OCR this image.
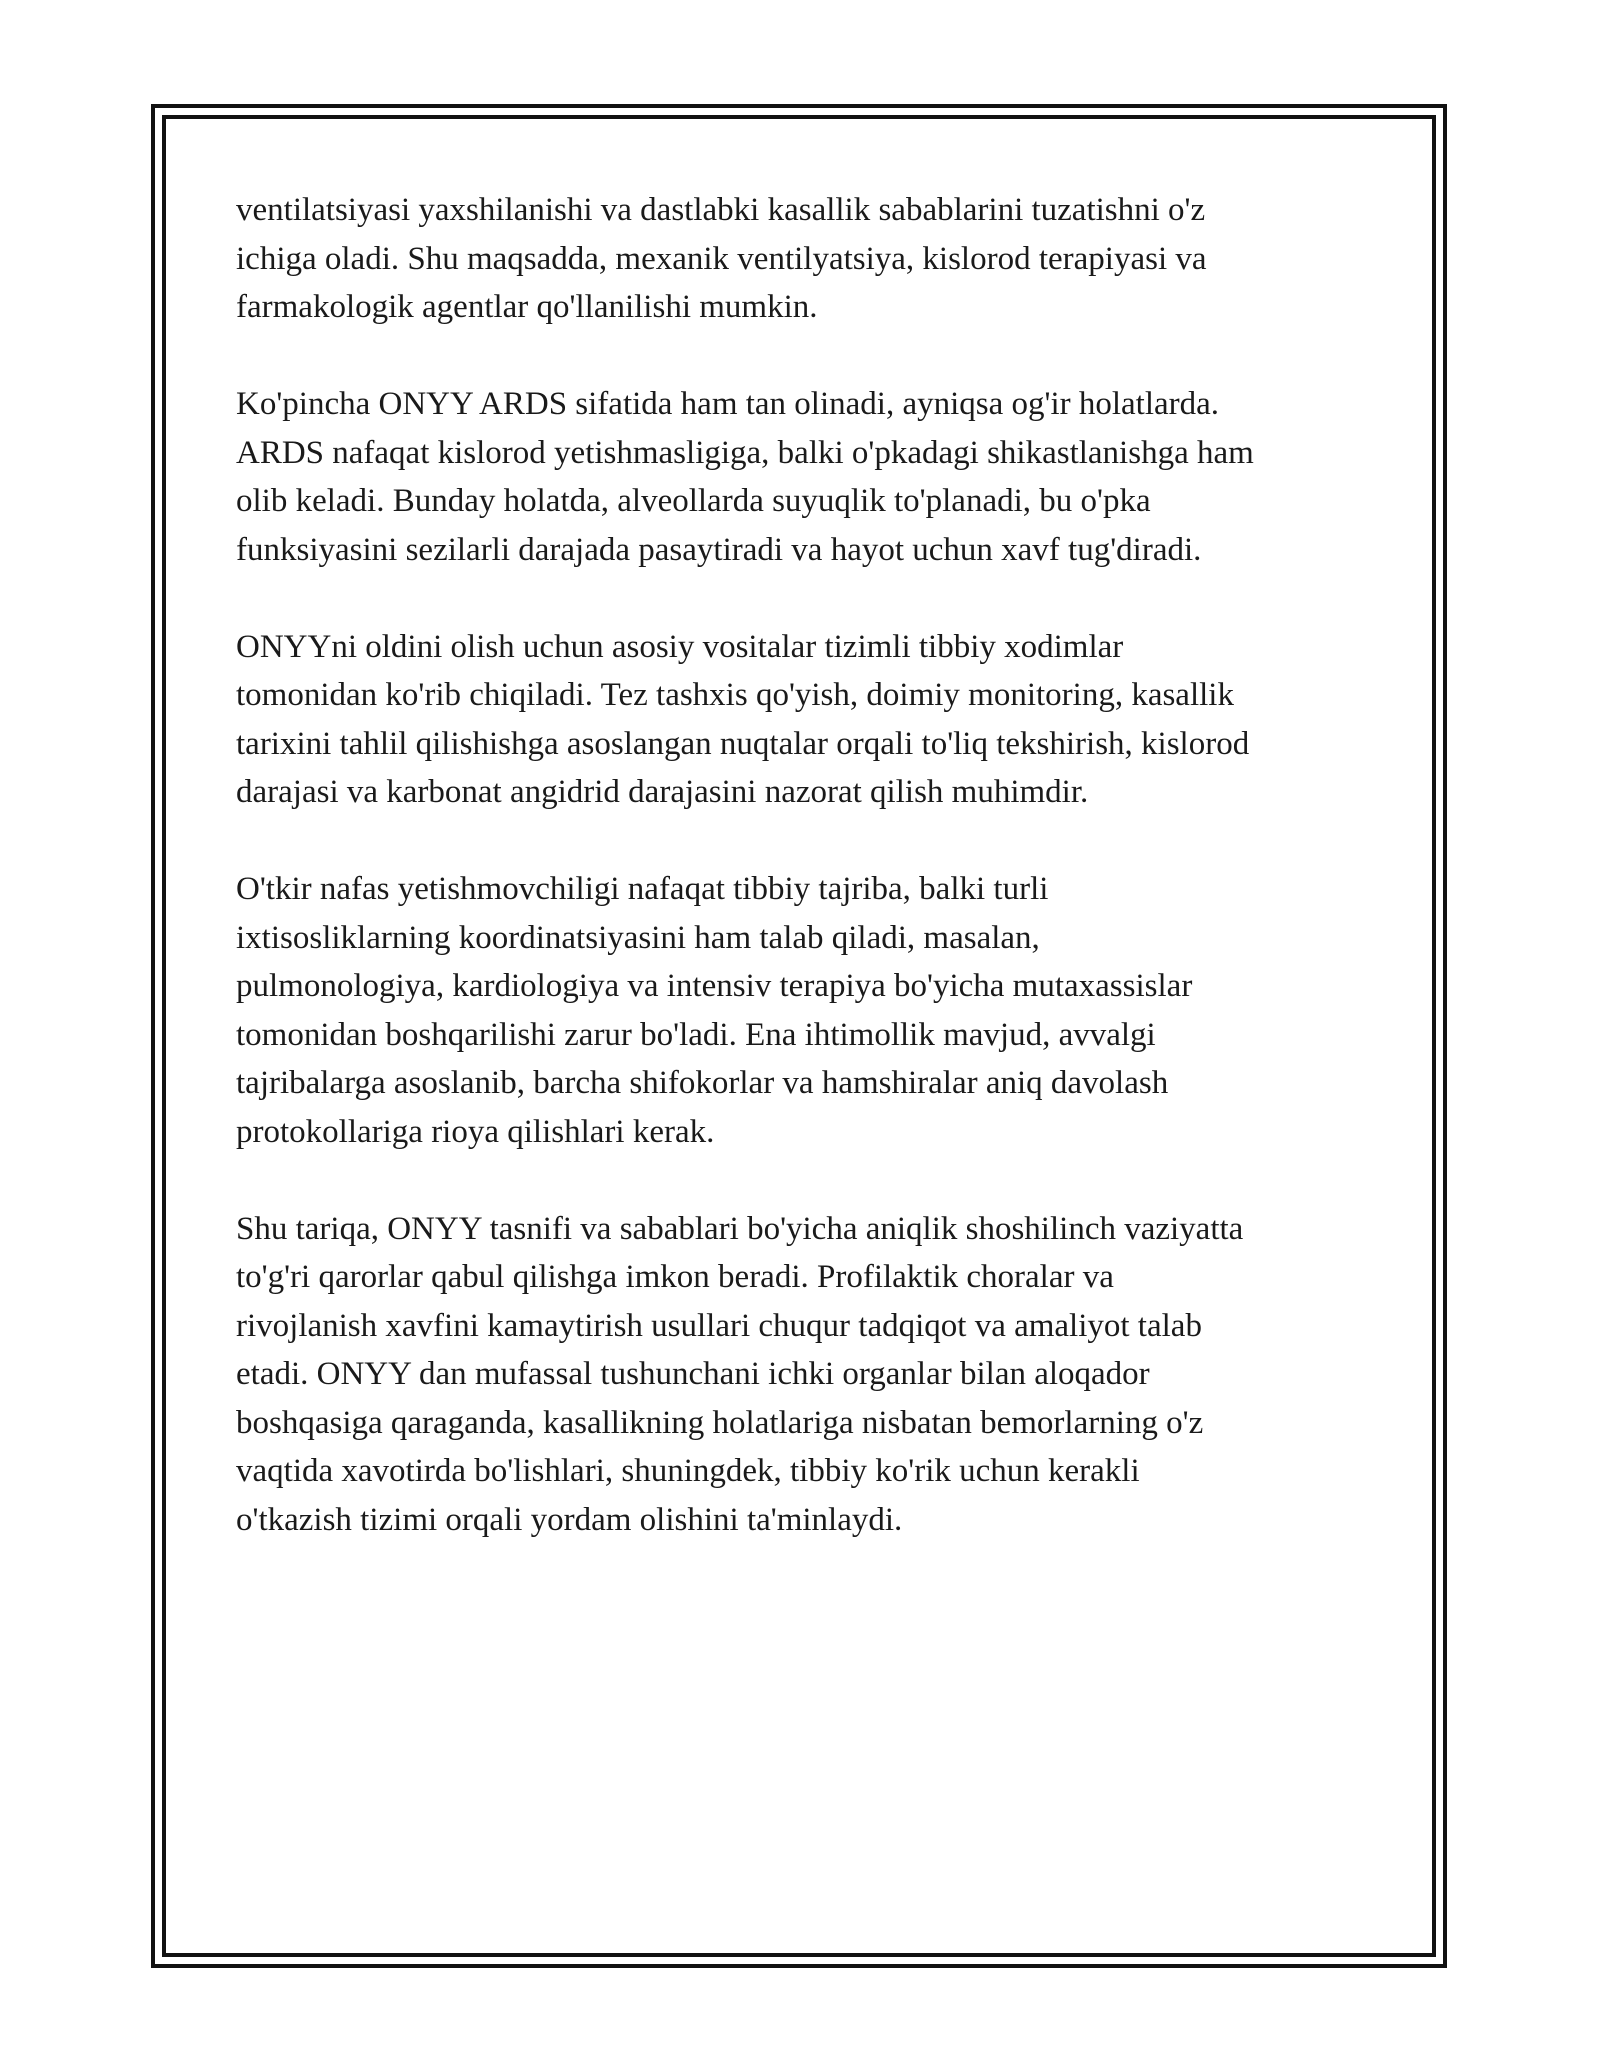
ventilatsiyasi yaxshilanishi va dastlabki kasallik sabablarini tuzatishni o'z
ichiga oladi. Shu maqsadda, mexanik ventilyatsiya, kislorod terapiyasi va
farmakologik agentlar qo'llanilishi mumkin.

Ko'pincha ONYY ARDS sifatida ham tan olinadi, ayniqsa og'ir holatlarda.
ARDS nafaqat kislorod yetishmasligiga, balki o'pkadagi shikastlanishga ham
olib keladi. Bunday holatda, alveollarda suyuqlik to'planadi, bu o'pka
funksiyasini sezilarli darajada pasaytiradi va hayot uchun xavf tug'diradi.

ONYYni oldini olish uchun asosiy vositalar tizimli tibbiy xodimlar
tomonidan ko'rib chiqiladi. Tez tashxis qo'yish, doimiy monitoring, kasallik
tarixini tahlil qilishishga asoslangan nuqtalar orqali to'liq tekshirish, kislorod
darajasi va karbonat angidrid darajasini nazorat qilish muhimdir.

O'tkir nafas yetishmovchiligi nafaqat tibbiy tajriba, balki turli
ixtisosliklarning koordinatsiyasini ham talab qiladi, masalan,
pulmonologiya, kardiologiya va intensiv terapiya bo'yicha mutaxassislar
tomonidan boshqarilishi zarur bo'ladi. Ena ihtimollik mavjud, avvalgi
tajribalarga asoslanib, barcha shifokorlar va hamshiralar aniq davolash
protokollariga rioya qilishlari kerak.

Shu tariqa, ONYY tasnifi va sabablari bo'yicha aniqlik shoshilinch vaziyatta
to'g'ri qarorlar qabul qilishga imkon beradi. Profilaktik choralar va
rivojlanish xavfini kamaytirish usullari chuqur tadqiqot va amaliyot talab
etadi. ONYY dan mufassal tushunchani ichki organlar bilan aloqador
boshqasiga qaraganda, kasallikning holatlariga nisbatan bemorlarning o'z
vaqtida xavotirda bo'lishlari, shuningdek, tibbiy ko'rik uchun kerakli
o'tkazish tizimi orqali yordam olishini ta'minlaydi.
